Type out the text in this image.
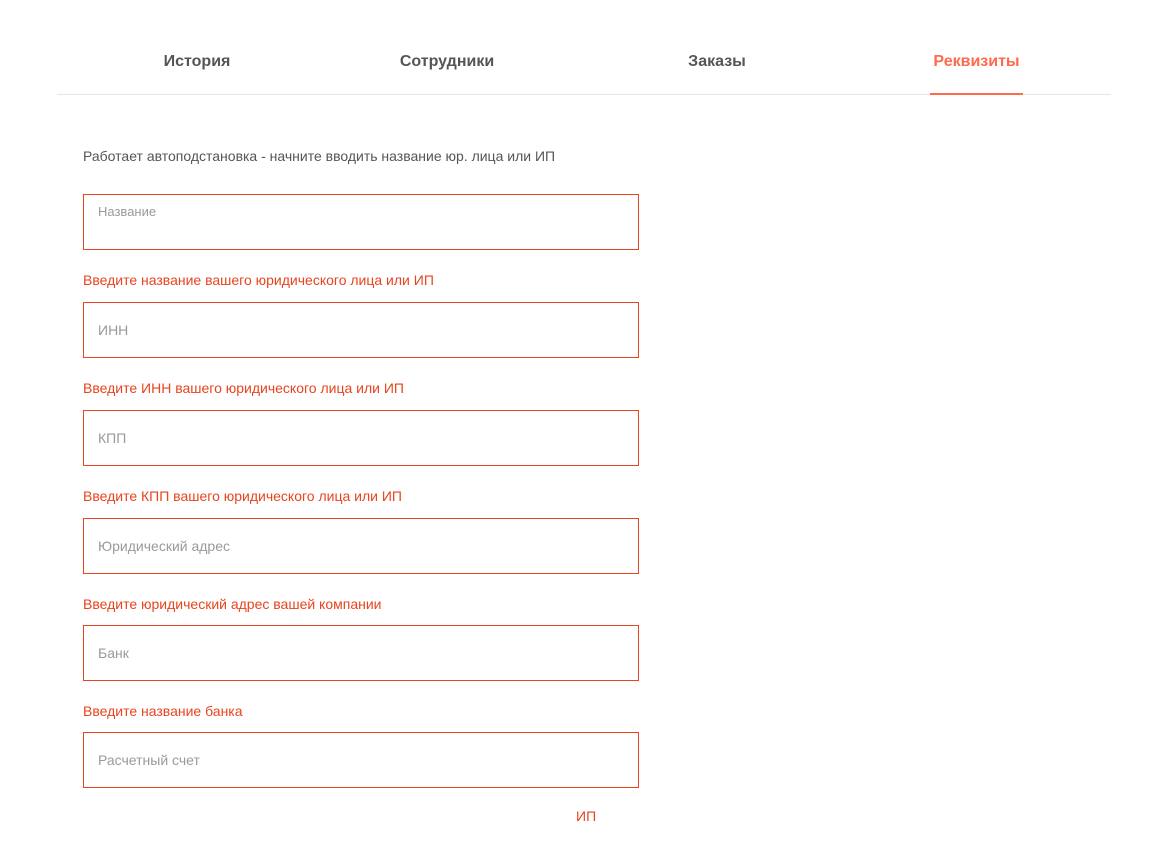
История	Сотрудники	Заказы	Реквизиты
Работает автоподстановка - начните вводить название юр. лица или ИП
Название
Введите название вашего юридического лица или ИП
ИНН
Введите ИНН вашего юридического лица или ИП
КПП
Введите КПП вашего юридического лица или ИП
Юридический адрес
Введите юридический адрес вашей компании
Банк
Введите название банка
Расчетный счет
ИП
